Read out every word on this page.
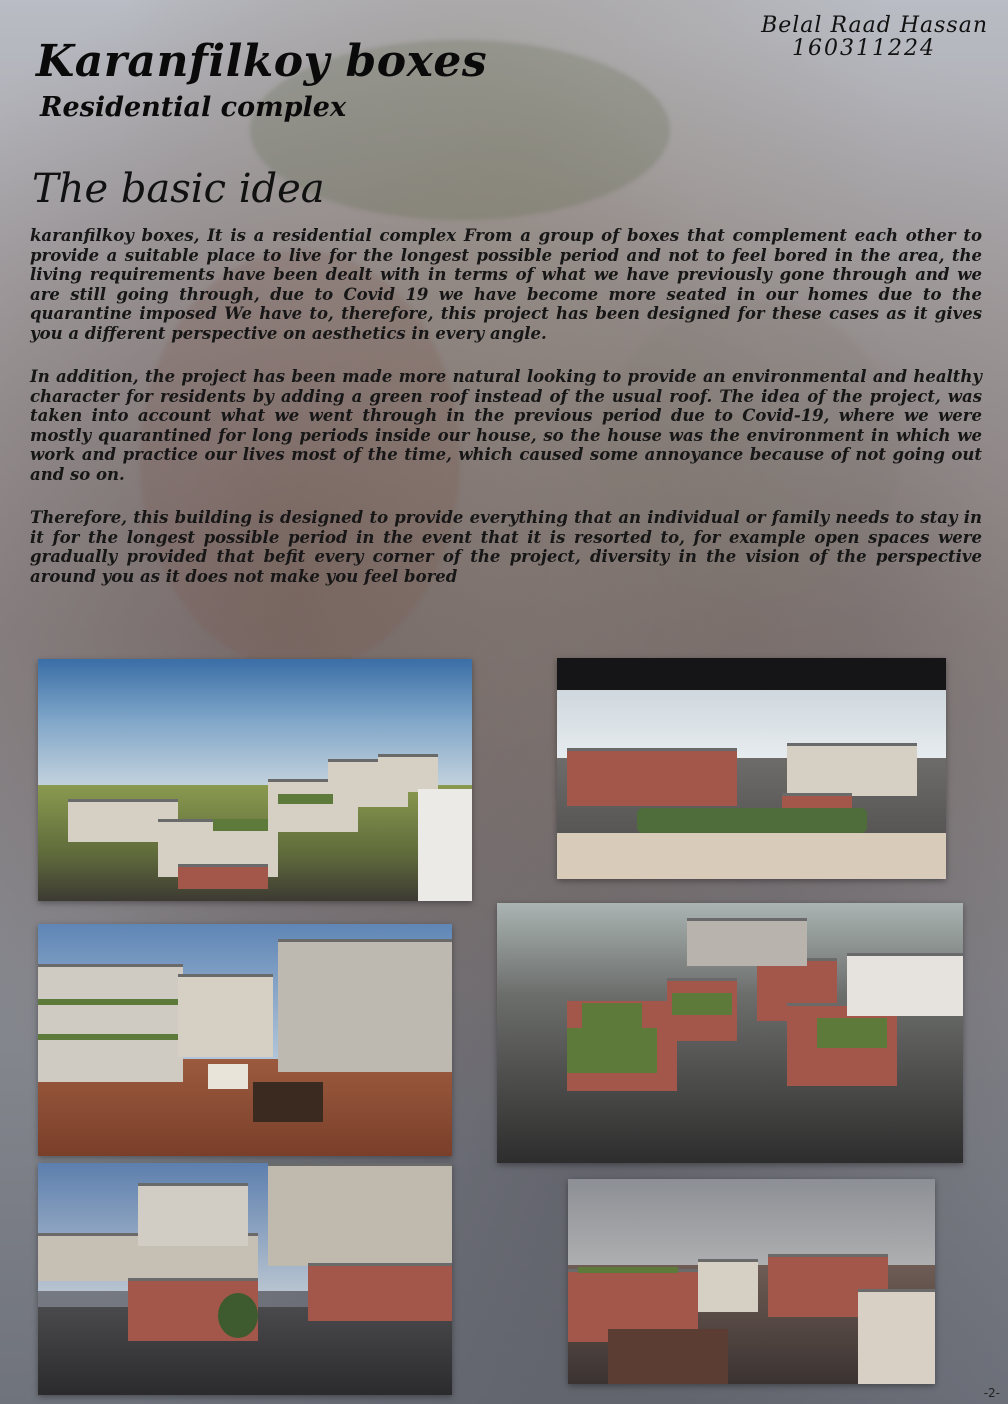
Karanfilkoy boxes
Residential complex
Belal Raad Hassan
160311224
The basic idea

karanfilkoy boxes, It is a residential complex From a group of boxes that complement each other to provide a suitable place to live for the longest possible period and not to feel bored in the area, the living requirements have been dealt with in terms of what we have previously gone through and we are still going through, due to Covid 19 we have become more seated in our homes due to the quarantine imposed We have to, therefore, this project has been designed for these cases as it gives you a different perspective on aesthetics in every angle.

In addition, the project has been made more natural looking to provide an environmental and healthy character for residents by adding a green roof instead of the usual roof. The idea of the project, was taken into account what we went through in the previous period due to Covid-19, where we were mostly quarantined for long periods inside our house, so the house was the environment in which we work and practice our lives most of the time, which caused some annoyance because of not going out and so on.

Therefore, this building is designed to provide everything that an individual or family needs to stay in it for the longest possible period in the event that it is resorted to, for example open spaces were gradually provided that befit every corner of the project, diversity in the vision of the perspective around you as it does not make you feel bored

-2-
